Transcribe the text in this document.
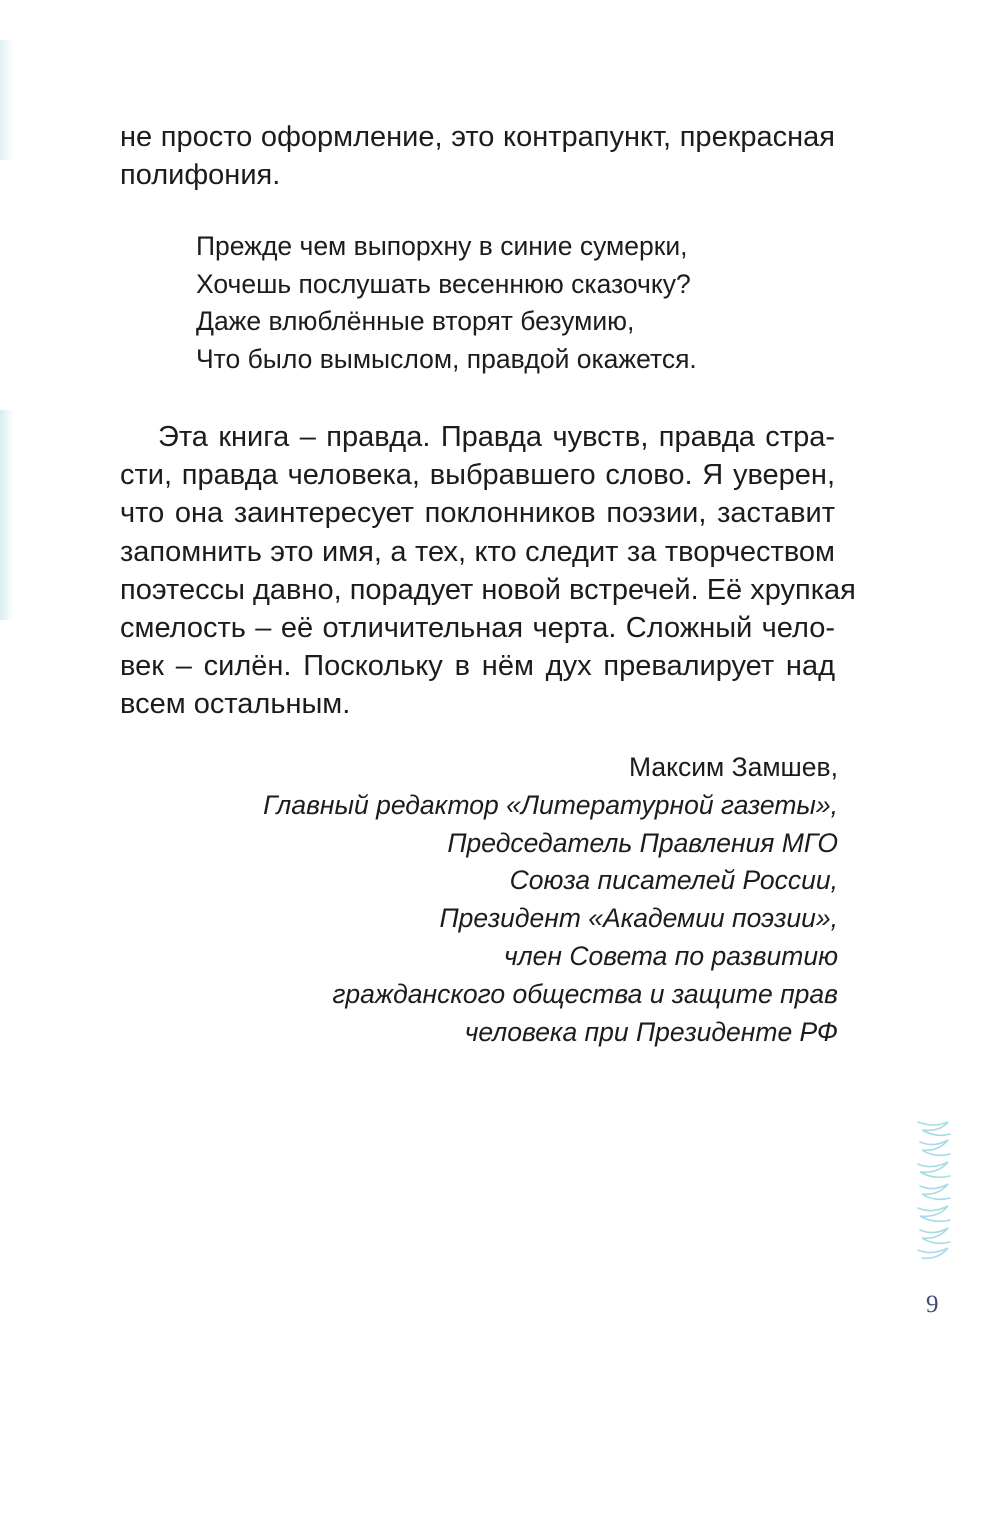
не просто оформление, это контрапункт, прекрасная
полифония.

Прежде чем выпорхну в синие сумерки,
Хочешь послушать весеннюю сказочку?
Даже влюблённые вторят безумию,
Что было вымыслом, правдой окажется.

Эта книга – правда. Правда чувств, правда стра-
сти, правда человека, выбравшего слово. Я уверен,
что она заинтересует поклонников поэзии, заставит
запомнить это имя, а тех, кто следит за творчеством
поэтессы давно, порадует новой встречей. Её хрупкая
смелость – её отличительная черта. Сложный чело-
век – силён. Поскольку в нём дух превалирует над
всем остальным.

Максим Замшев,
Главный редактор «Литературной газеты»,
Председатель Правления МГО
Союза писателей России,
Президент «Академии поэзии»,
член Совета по развитию
гражданского общества и защите прав
человека при Президенте РФ
9
